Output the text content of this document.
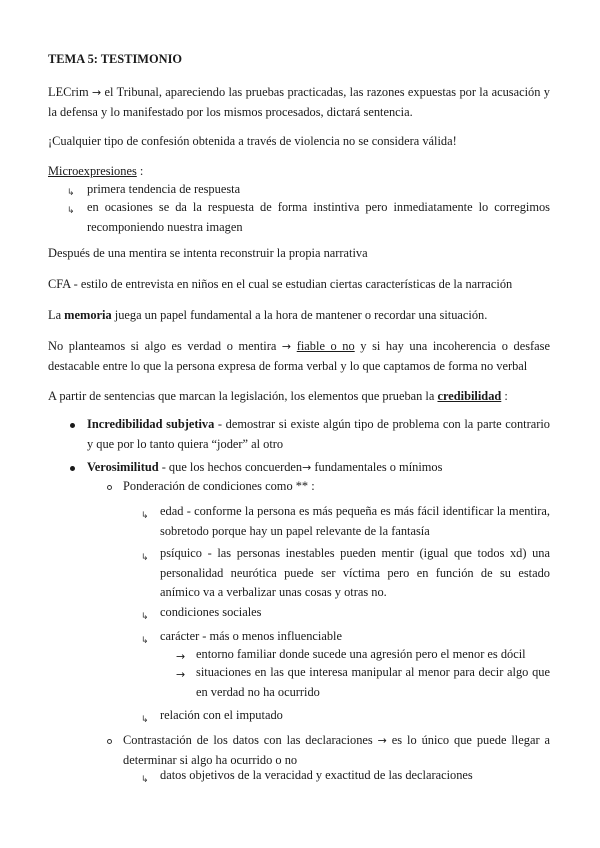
TEMA 5: TESTIMONIO

LECrim → el Tribunal, apareciendo las pruebas practicadas, las razones expuestas por la acusación y la defensa y lo manifestado por los mismos procesados, dictará sentencia.

¡Cualquier tipo de confesión obtenida a través de violencia no se considera válida!

Microexpresiones :

↳ primera tendencia de respuesta

↳ en ocasiones se da la respuesta de forma instintiva pero inmediatamente lo corregimos recomponiendo nuestra imagen

Después de una mentira se intenta reconstruir la propia narrativa

CFA - estilo de entrevista en niños en el cual se estudian ciertas características de la narración

La memoria juega un papel fundamental a la hora de mantener o recordar una situación.

No planteamos si algo es verdad o mentira → fiable o no y si hay una incoherencia o desfase destacable entre lo que la persona expresa de forma verbal y lo que captamos de forma no verbal

A partir de sentencias que marcan la legislación, los elementos que prueban la credibilidad :

Incredibilidad subjetiva - demostrar si existe algún tipo de problema con la parte contrario y que por lo tanto quiera “joder” al otro

Verosimilitud - que los hechos concuerden→ fundamentales o mínimos

Ponderación de condiciones como ** :

↳ edad - conforme la persona es más pequeña es más fácil identificar la mentira, sobretodo porque hay un papel relevante de la fantasía

↳ psíquico - las personas inestables pueden mentir (igual que todos xd) una personalidad neurótica puede ser víctima pero en función de su estado anímico va a verbalizar unas cosas y otras no.

↳ condiciones sociales

↳ carácter - más o menos influenciable

→ entorno familiar donde sucede una agresión pero el menor es dócil

→ situaciones en las que interesa manipular al menor para decir algo que en verdad no ha ocurrido

↳ relación con el imputado

Contrastación de los datos con las declaraciones → es lo único que puede llegar a determinar si algo ha ocurrido o no

↳ datos objetivos de la veracidad y exactitud de las declaraciones
